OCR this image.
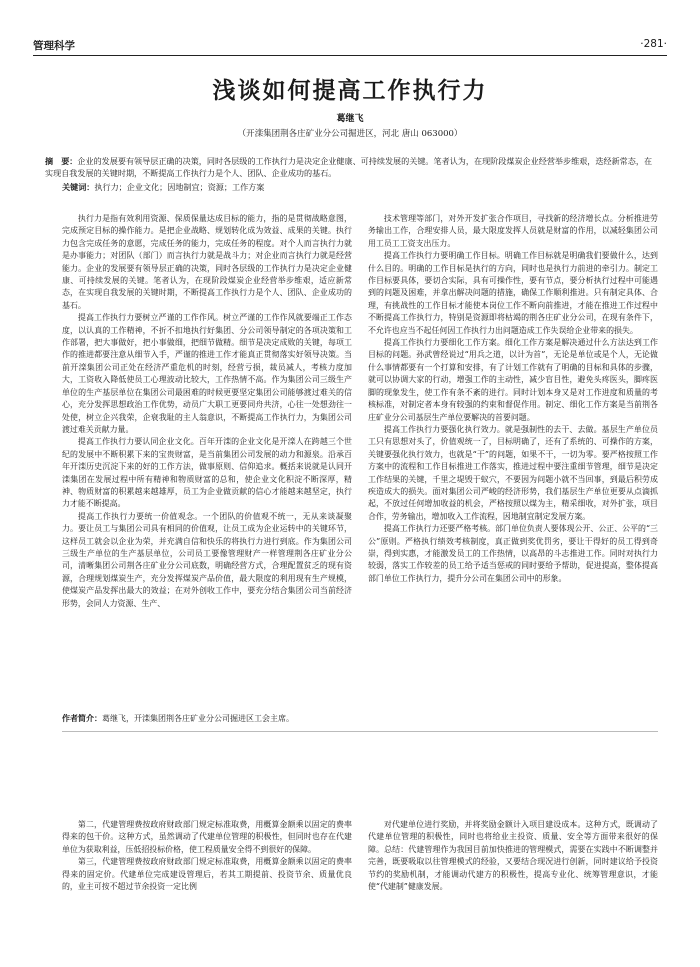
管理科学	·281·
浅谈如何提高工作执行力
葛继飞
（开滦集团荆各庄矿业分公司掘进区，河北 唐山 063000）
摘　要：企业的发展要有领导层正确的决策，同时各层级的工作执行力是决定企业健康、可持续发展的关键。笔者认为，在现阶段煤炭企业经营举步维艰，迭经新常态，在实现自我发展的关键时期，不断提高工作执行力是个人、团队、企业成功的基石。
关键词：执行力；企业文化；因地制宜；资源；工作方案

执行力是指有效利用资源、保质保量达成目标的能力，指的是贯彻战略意图，完成预定目标的操作能力。是把企业战略、规划转化成为效益、成果的关键。执行力包含完成任务的意愿，完成任务的能力，完成任务的程度。对个人而言执行力就是办事能力；对团队（部门）而言执行力就是战斗力；对企业而言执行力就是经营能力。企业的发展要有领导层正确的决策，同时各层级的工作执行力是决定企业健康、可持续发展的关键。笔者认为，在现阶段煤炭企业经营举步维艰，适应新常态，在实现自我发展的关键时期，不断提高工作执行力是个人、团队、企业成功的基石。

提高工作执行力要树立严谨的工作作风。树立严谨的工作作风就要端正工作态度，以认真的工作精神，不折不扣地执行好集团、分公司领导制定的各项决策和工作部署，把大事做好，把小事做细，把细节做精。细节是决定成败的关键，每项工作的推进都要注意从细节入手，严谨的推进工作才能真正贯彻落实好领导决策。当前开滦集团公司正处在经济严重危机的时刻，经营亏损，裁员减人，考核力度加大，工资收入降低使员工心理波动比较大，工作热情不高。作为集团公司三级生产单位的生产基层单位在集团公司最困难的时候更要坚定集团公司能够渡过难关的信心，充分发挥思想政治工作优势，动员广大职工更要同舟共济，心往一处想劲往一处使，树立企兴我荣，企衰我耻的主人翁意识，不断提高工作执行力，为集团公司渡过难关贡献力量。

提高工作执行力要认同企业文化。百年开滦的企业文化是开滦人在跨越三个世纪的发展中不断积累下来的宝贵财富，是当前集团公司发展的动力和源泉。沿承百年开滦历史沉淀下来的好的工作方法，做事原则、信仰追求。概括来说就是认同开滦集团在发展过程中所有精神和物质财富的总和，使企业文化积淀不断深厚，精神、物质财富的积累越来越雄厚，员工为企业做贡献的信心才能越来越坚定，执行力才能不断提高。

提高工作执行力要统一价值观念。一个团队的价值观不统一，无从来谈凝聚力。要让员工与集团公司具有相同的价值观，让员工成为企业运转中的关键环节，这样员工就会以企业为荣，并充满自信和快乐的将执行力进行到底。作为集团公司三级生产单位的生产基层单位，公司员工要像管理财产一样管理荆各庄矿业分公司，清晰集团公司荆各庄矿业分公司底数，明确经营方式，合理配置贫乏的现有资源，合理规划煤炭生产，充分发挥煤炭产品价值，最大限度的利用现有生产规模，使煤炭产品发挥出最大的效益；在对外创收工作中，要充分结合集团公司当前经济形势，会同人力资源、生产、

技术管理等部门，对外开发扩张合作项目，寻找新的经济增长点。分析推进劳务输出工作，合理安排人员，最大限度发挥人员就是财富的作用，以减轻集团公司用工员工工资支出压力。

提高工作执行力要明确工作目标。明确工作目标就是明确我们要做什么，达到什么目的。明确的工作目标是执行的方向，同时也是执行力前进的牵引力。制定工作目标要具体，要切合实际，具有可操作性，要有节点，要分析执行过程中可能遇到的问题及困难，并拿出解决问题的措施，确保工作顺利推进。只有制定具体、合理，有挑战性的工作目标才能使本岗位工作不断向前推进，才能在推进工作过程中不断提高工作执行力，特别是资源即将枯竭的荆各庄矿业分公司，在现有条件下，不允许也应当不起任何因工作执行力出问题造成工作失误给企业带来的损失。

提高工作执行力要细化工作方案。细化工作方案是解决通过什么方法达到工作目标的问题。孙武曾经说过“用兵之道，以计为首”，无论是单位或是个人，无论做什么事情都要有一个打算和安排，有了计划工作就有了明确的目标和具体的步骤，就可以协调大家的行动，增强工作的主动性，减少盲目性，避免头疼医头，脚疼医脚的现象发生，使工作有条不紊的进行。同时计划本身又是对工作进度和质量的考核标准，对制定者本身有较强的约束和督促作用。制定、细化工作方案是当前荆各庄矿业分公司基层生产单位要解决的首要问题。

提高工作执行力要强化执行效力。就是强制性的去干、去做。基层生产单位员工只有思想对头了，价值观统一了，目标明确了，还有了系统的、可操作的方案，关键要强化执行效力，也就是“干”的问题，如果不干，一切为零。要严格按照工作方案中的流程和工作目标推进工作落实，推进过程中要注重细节管理，细节是决定工作结果的关键，千里之堤毁于蚁穴，不要因为问题小就不当回事，到最后积劳成疾造成大的损失。面对集团公司严峻的经济形势，我们基层生产单位更要从点滴抓起，不放过任何增加收益的机会，严格按照以煤为主，精采细收，对外扩张，项目合作，劳务输出，增加收入工作流程，因地制宜制定发展方案。

提高工作执行力还要严格考核。部门单位负责人要体现公开、公正、公平的“三公”原则。严格执行绩效考核制度，真正做到奖优罚劣，要让干得好的员工得到奇崇，得到实惠，才能激发员工的工作热情，以高昂的斗志推进工作。同时对执行力较弱，落实工作较差的员工给予适当惩戒的同时要给予帮助，促进提高，整体提高部门单位工作执行力，提升分公司在集团公司中的形象。

作者简介：葛继飞，开滦集团荆各庄矿业分公司掘进区工会主席。

第二，代建管理费按政府财政部门规定标准取费，用概算金额乘以固定的费率得来的包干价。这种方式，虽然调动了代建单位管理的积极性，但同时也存在代建单位为获取利益，压低招投标价格，使工程质量安全得不到很好的保障。

第三，代建管理费按政府财政部门规定标准取费，用概算金额乘以固定的费率得来的固定价。代建单位完成建设管理后，若其工期提前、投资节余、质量优良的，业主可按不超过节余投资一定比例

对代建单位进行奖励，并将奖励金额计入项目建设成本。这种方式，既调动了代建单位管理的积极性，同时也将给业主投资、质量、安全等方面带来很好的保障。总结：代建管理作为我国目前加快推进的管理模式，需要在实践中不断调整并完善，既要吸取以往管理模式的经验，又要结合现况进行创新，同时建议给予投资节约的奖励机制，才能调动代建方的积极性，提高专业化、统筹管理意识，才能使“代建制”健康发展。
